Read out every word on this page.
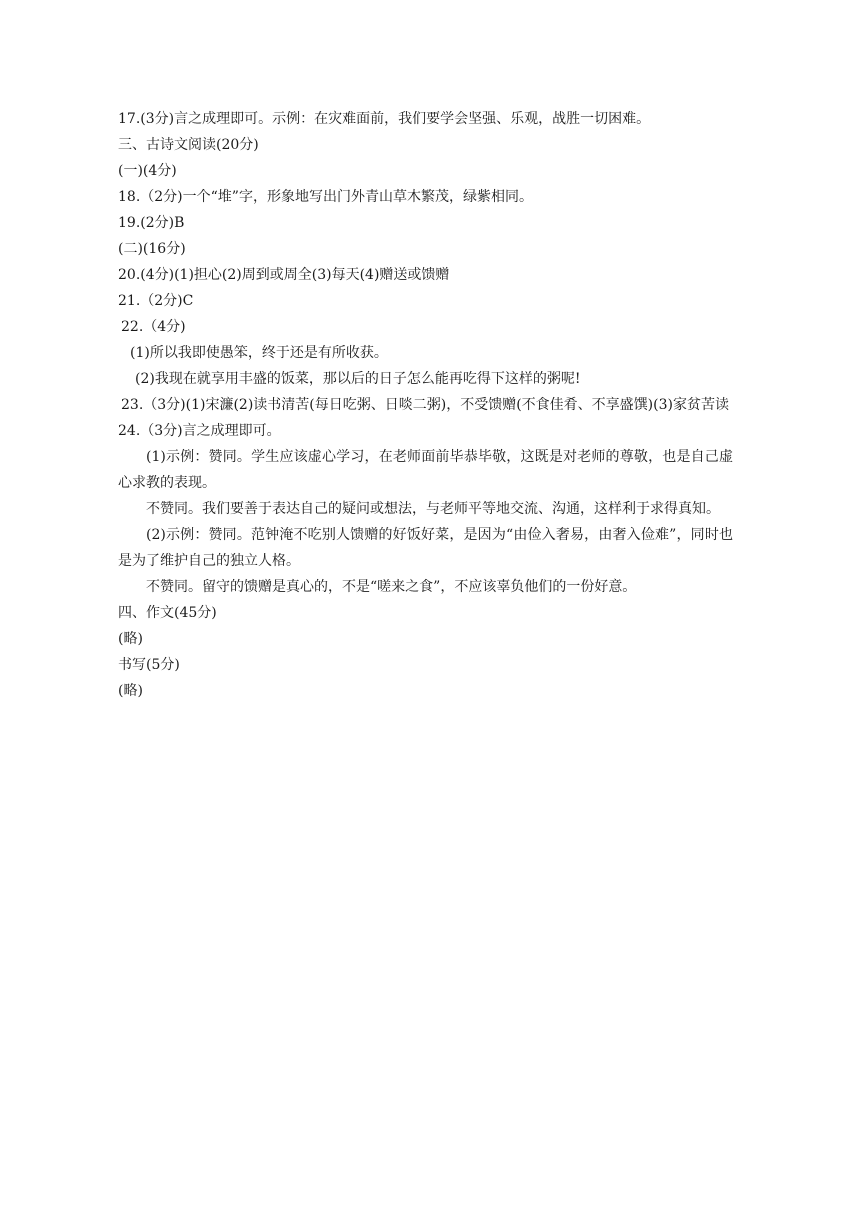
17.(3分)言之成理即可。示例：在灾难面前，我们要学会坚强、乐观，战胜一切困难。
三、古诗文阅读(20分)
(一)(4分)
18.（2分)一个“堆”字，形象地写出门外青山草木繁茂，绿紫相同。
19.(2分)B
(二)(16分)
20.(4分)(1)担心(2)周到或周全(3)每天(4)赠送或馈赠
21.（2分)C
22.（4分)
(1)所以我即使愚笨，终于还是有所收获。
(2)我现在就享用丰盛的饭菜，那以后的日子怎么能再吃得下这样的粥呢!
23.（3分)(1)宋濂(2)读书清苦(每日吃粥、日啖二粥)，不受馈赠(不食佳肴、不享盛馔)(3)家贫苦读
24.（3分)言之成理即可。
(1)示例：赞同。学生应该虚心学习，在老师面前毕恭毕敬，这既是对老师的尊敬，也是自己虚心求教的表现。
不赞同。我们要善于表达自己的疑问或想法，与老师平等地交流、沟通，这样利于求得真知。
(2)示例：赞同。范钟淹不吃别人馈赠的好饭好菜，是因为“由俭入奢易，由奢入俭难”，同时也是为了维护自己的独立人格。
不赞同。留守的馈赠是真心的，不是“嗟来之食”，不应该辜负他们的一份好意。
四、作文(45分)
(略)
书写(5分)
(略)
